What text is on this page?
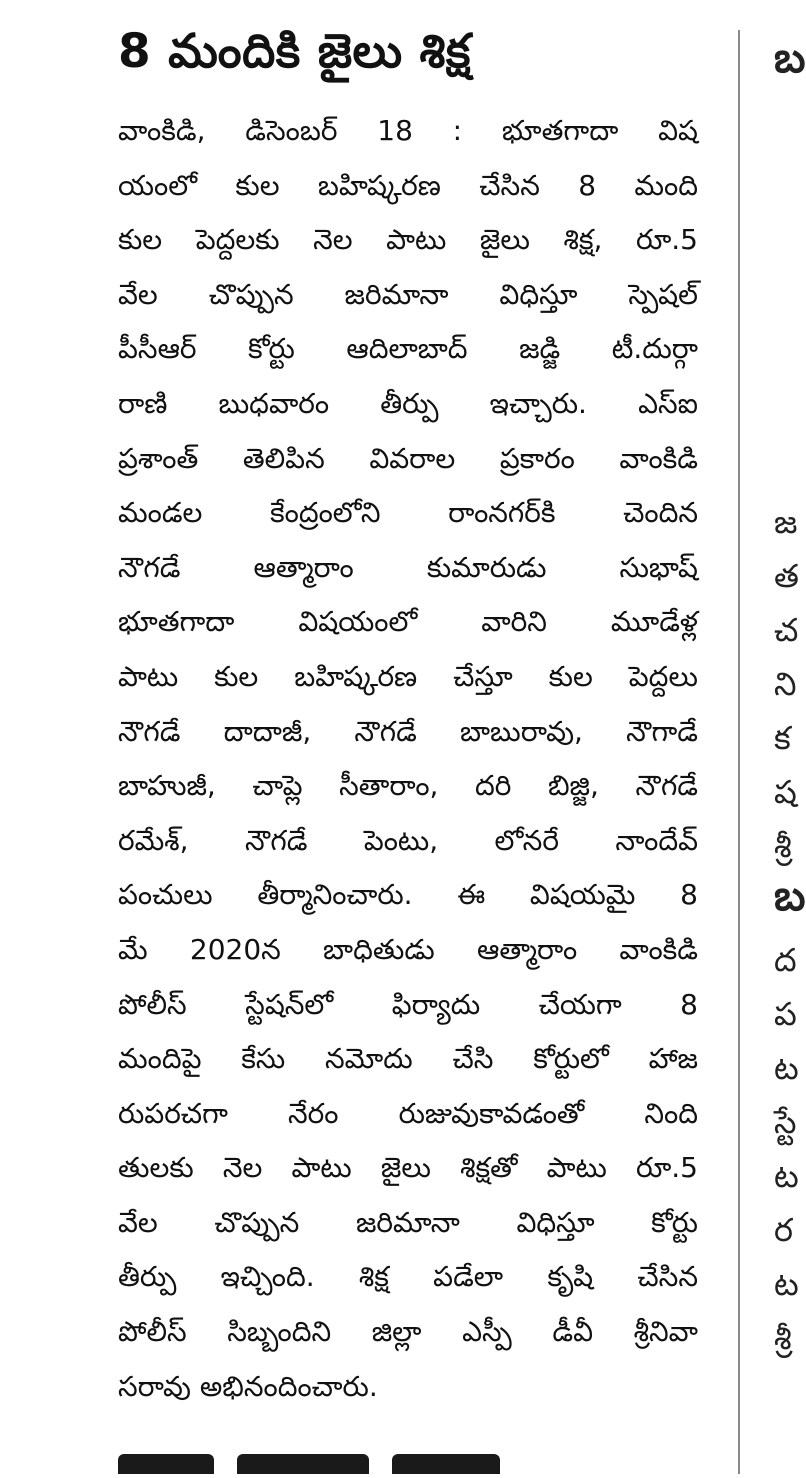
8 మందికి జైలు శిక్ష
వాంకిడి, డిసెంబర్ 18 : భూతగాదా విష
యంలో కుల బహిష్కరణ చేసిన 8 మంది
కుల పెద్దలకు నెల పాటు జైలు శిక్ష, రూ.5
వేల చొప్పున జరిమానా విధిస్తూ స్పెషల్
పీసీఆర్ కోర్టు ఆదిలాబాద్ జడ్జి టీ.దుర్గా
రాణి బుధవారం తీర్పు ఇచ్చారు. ఎస్ఐ
ప్రశాంత్ తెలిపిన వివరాల ప్రకారం వాంకిడి
మండల కేంద్రంలోని రాంనగర్‌కి చెందిన
నౌగడే ఆత్మారాం కుమారుడు సుభాష్
భూతగాదా విషయంలో వారిని మూడేళ్ల
పాటు కుల బహిష్కరణ చేస్తూ కుల పెద్దలు
నౌగడే దాదాజీ, నౌగడే బాబురావు, నౌగాడే
బాహుజీ, చాప్లె సీతారాం, దరి బిజ్జి, నౌగడే
రమేశ్, నౌగడే పెంటు, లోనరే నాందేవ్
పంచులు తీర్మానించారు. ఈ విషయమై 8
మే 2020న బాధితుడు ఆత్మారాం వాంకిడి
పోలీస్ స్టేషన్‌లో ఫిర్యాదు చేయగా 8
మందిపై కేసు నమోదు చేసి కోర్టులో హాజ
రుపరచగా నేరం రుజువుకావడంతో నింది
తులకు నెల పాటు జైలు శిక్షతో పాటు రూ.5
వేల చొప్పున జరిమానా విధిస్తూ కోర్టు
తీర్పు ఇచ్చింది. శిక్ష పడేలా కృషి చేసిన
పోలీస్ సిబ్బందిని జిల్లా ఎస్పీ డీవీ శ్రీనివా
సరావు అభినందించారు.
బ
జ
త
చ
ని
క
ష
శ్రీ
బ
ద
ప
ట
స్టే
ట
ర
ట
శ్రీ
